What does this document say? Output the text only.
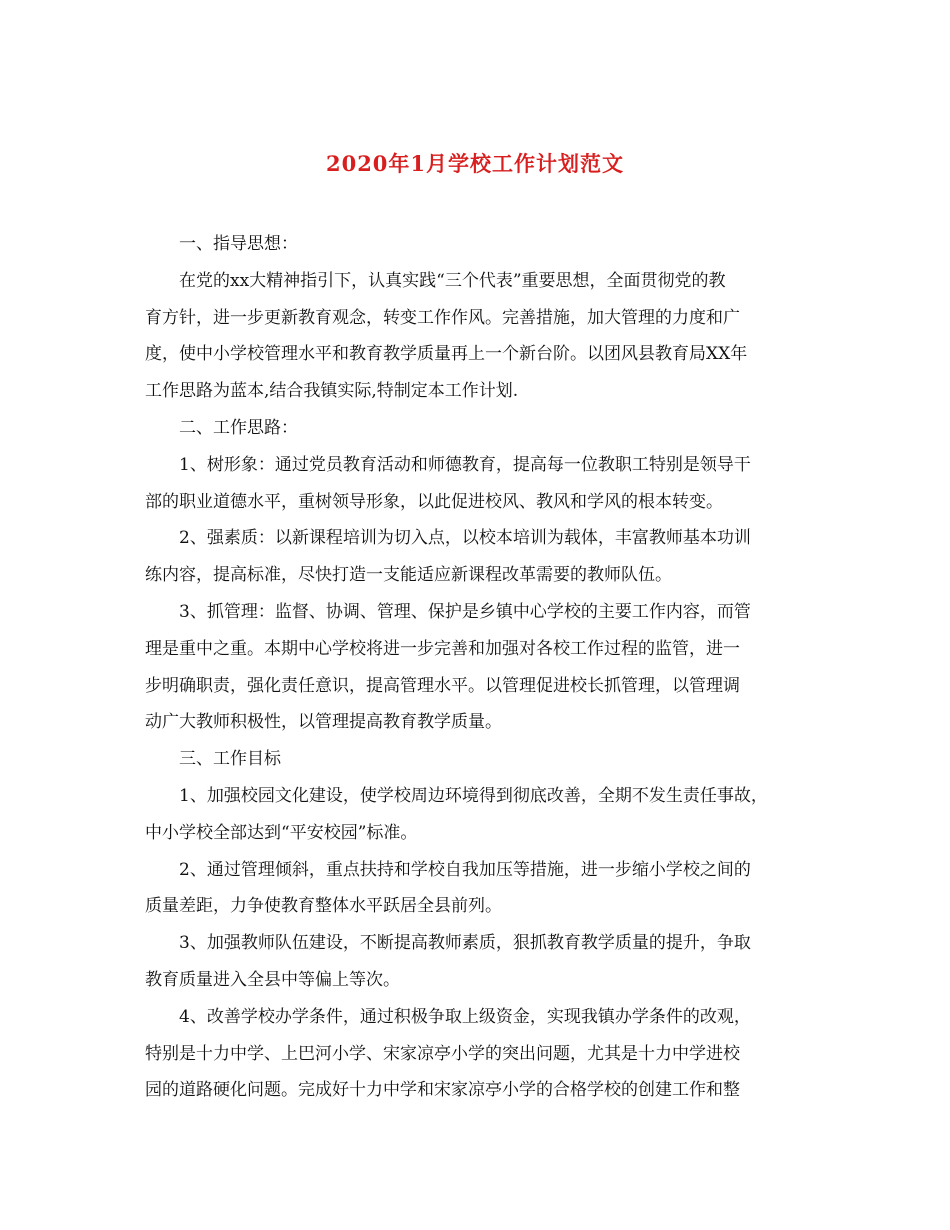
2020年1月学校工作计划范文
一、指导思想：
在党的xx大精神指引下，认真实践“三个代表”重要思想，全面贯彻党的教
育方针，进一步更新教育观念，转变工作作风。完善措施，加大管理的力度和广
度，使中小学校管理水平和教育教学质量再上一个新台阶。以团风县教育局XX年
工作思路为蓝本,结合我镇实际,特制定本工作计划.
二、工作思路：
1、树形象：通过党员教育活动和师德教育，提高每一位教职工特别是领导干
部的职业道德水平，重树领导形象，以此促进校风、教风和学风的根本转变。
2、强素质：以新课程培训为切入点，以校本培训为载体，丰富教师基本功训
练内容，提高标准，尽快打造一支能适应新课程改革需要的教师队伍。
3、抓管理：监督、协调、管理、保护是乡镇中心学校的主要工作内容，而管
理是重中之重。本期中心学校将进一步完善和加强对各校工作过程的监管，进一
步明确职责，强化责任意识，提高管理水平。以管理促进校长抓管理，以管理调
动广大教师积极性，以管理提高教育教学质量。
三、工作目标
1、加强校园文化建设，使学校周边环境得到彻底改善，全期不发生责任事故，
中小学校全部达到“平安校园”标准。
2、通过管理倾斜，重点扶持和学校自我加压等措施，进一步缩小学校之间的
质量差距，力争使教育整体水平跃居全县前列。
3、加强教师队伍建设，不断提高教师素质，狠抓教育教学质量的提升，争取
教育质量进入全县中等偏上等次。
4、改善学校办学条件，通过积极争取上级资金，实现我镇办学条件的改观，
特别是十力中学、上巴河小学、宋家凉亭小学的突出问题，尤其是十力中学进校
园的道路硬化问题。完成好十力中学和宋家凉亭小学的合格学校的创建工作和整
